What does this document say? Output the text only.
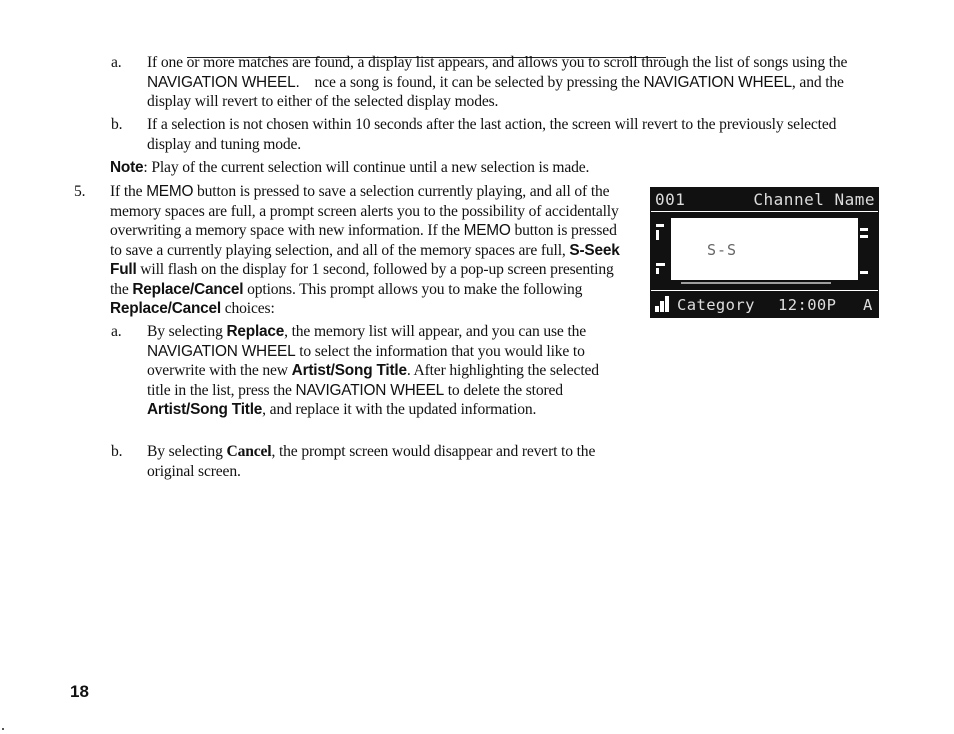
a.	If one or more matches are found, a display list appears, and allows you to scroll through the list of songs using the NAVIGATION WHEEL.    nce a song is found, it can be selected by pressing the NAVIGATION WHEEL, and the display will revert to either of the selected display modes.
b.	If a selection is not chosen within 10 seconds after the last action, the screen will revert to the previously selected display and tuning mode.
Note: Play of the current selection will continue until a new selection is made.
5.	If the MEMO button is pressed to save a selection currently playing, and all of the memory spaces are full, a prompt screen alerts you to the possibility of accidentally overwriting a memory space with new information. If the MEMO button is pressed to save a currently playing selection, and all of the memory spaces are full, S-Seek Full will flash on the display for 1 second, followed by a pop-up screen presenting the Replace/Cancel options. This prompt allows you to make the following Replace/Cancel choices:
a.	By selecting Replace, the memory list will appear, and you can use the NAVIGATION WHEEL to select the information that you would like to overwrite with the new Artist/Song Title. After highlighting the selected title in the list, press the NAVIGATION WHEEL to delete the stored Artist/Song Title, and replace it with the updated information.
b.	By selecting Cancel, the prompt screen would disappear and revert to the original screen.
001	Channel Name
S-S
Category 12:00P A
18
